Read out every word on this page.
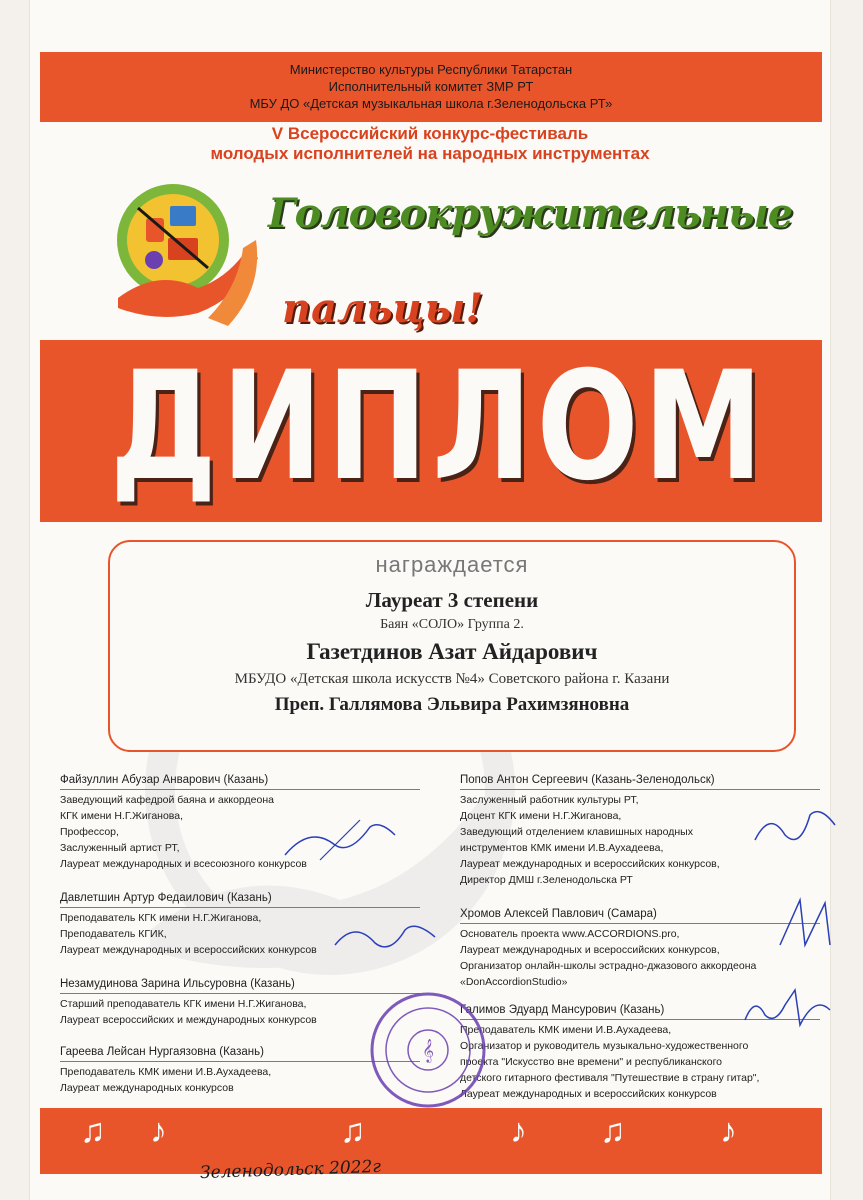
Министерство культуры Республики Татарстан
Исполнительный комитет ЗМР РТ
МБУ ДО «Детская музыкальная школа г.Зеленодольска РТ»
V Всероссийский конкурс-фестиваль
молодых исполнителей на народных инструментах
Головокружительные
пальцы!
ДИПЛОМ
награждается
Лауреат 3 степени
Баян «СОЛО» Группа 2.
Газетдинов Азат Айдарович
МБУДО «Детская школа искусств №4» Советского района г. Казани
Преп. Галлямова Эльвира Рахимзяновна
Файзуллин Абузар Анварович (Казань)
Заведующий кафедрой баяна и аккордеона
КГК имени Н.Г.Жиганова,
Профессор,
Заслуженный артист РТ,
Лауреат международных и всесоюзного конкурсов
Давлетшин Артур Федаилович (Казань)
Преподаватель КГК имени Н.Г.Жиганова,
Преподаватель КГИК,
Лауреат международных и всероссийских конкурсов
Незамудинова Зарина Ильсуровна (Казань)
Старший преподаватель КГК имени Н.Г.Жиганова,
Лауреат всероссийских и международных конкурсов
Гареева Лейсан Нургаязовна (Казань)
Преподаватель КМК имени И.В.Аухадеева,
Лауреат международных конкурсов
Попов Антон Сергеевич (Казань-Зеленодольск)
Заслуженный работник культуры РТ,
Доцент КГК имени Н.Г.Жиганова,
Заведующий отделением клавишных народных
инструментов КМК имени И.В.Аухадеева,
Лауреат международных и всероссийских конкурсов,
Директор ДМШ г.Зеленодольска РТ
Хромов Алексей Павлович (Самара)
Основатель проекта www.ACCORDIONS.pro,
Лауреат международных и всероссийских конкурсов,
Организатор онлайн-школы эстрадно-джазового аккордеона
«DonAccordionStudio»
Галимов Эдуард Мансурович (Казань)
Преподаватель КМК имени И.В.Аухадеева,
Организатор и руководитель музыкально-художественного
проекта "Искусство вне времени" и республиканского
детского гитарного фестиваля "Путешествие в страну гитар",
Лауреат международных и всероссийских конкурсов
𝄞
♫ ♪	♫	♪ ♫	♪
Зеленодольск 2022г
